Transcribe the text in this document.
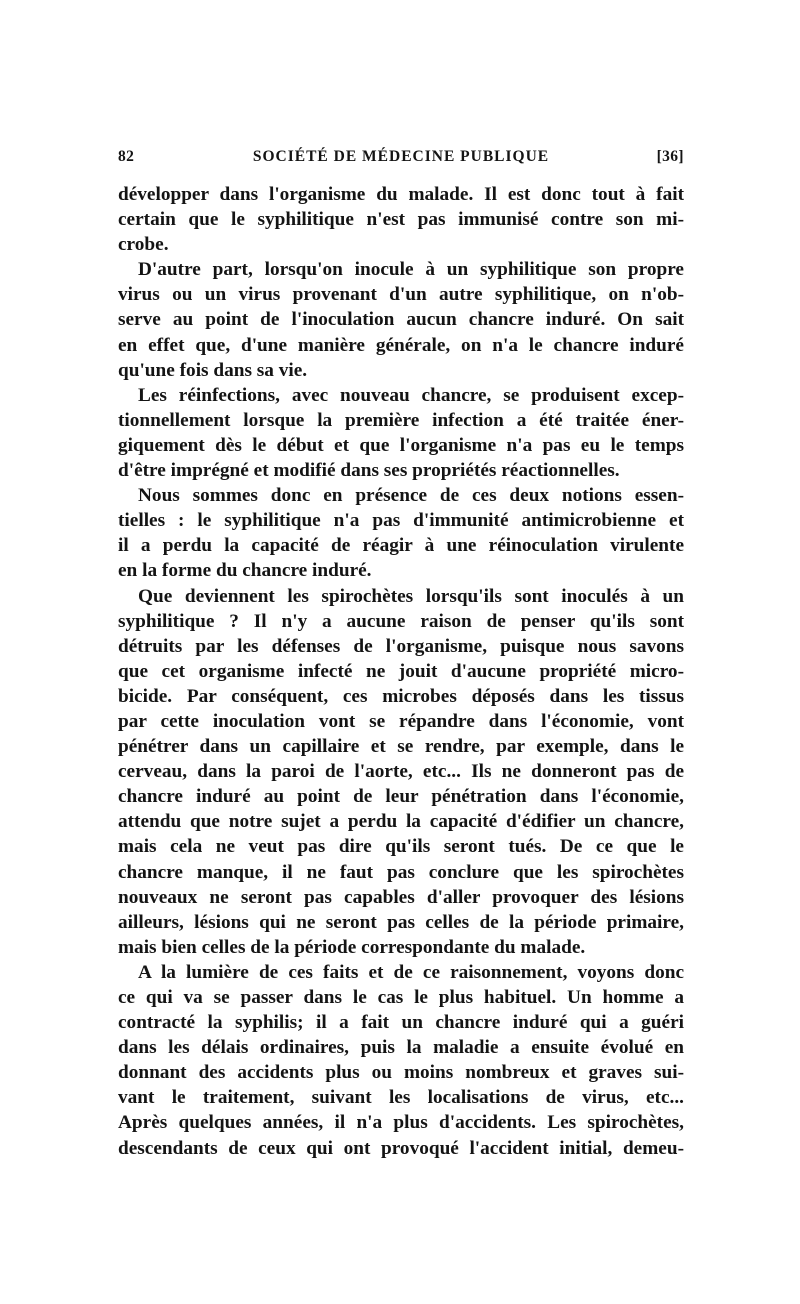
82	SOCIÉTÉ DE MÉDECINE PUBLIQUE	[36]
développer dans l'organisme du malade. Il est donc tout à fait
certain que le syphilitique n'est pas immunisé contre son mi-
crobe.
D'autre part, lorsqu'on inocule à un syphilitique son propre
virus ou un virus provenant d'un autre syphilitique, on n'ob-
serve au point de l'inoculation aucun chancre induré. On sait
en effet que, d'une manière générale, on n'a le chancre induré
qu'une fois dans sa vie.
Les réinfections, avec nouveau chancre, se produisent excep-
tionnellement lorsque la première infection a été traitée éner-
giquement dès le début et que l'organisme n'a pas eu le temps
d'être imprégné et modifié dans ses propriétés réactionnelles.
Nous sommes donc en présence de ces deux notions essen-
tielles : le syphilitique n'a pas d'immunité antimicrobienne et
il a perdu la capacité de réagir à une réinoculation virulente
en la forme du chancre induré.
Que deviennent les spirochètes lorsqu'ils sont inoculés à un
syphilitique ? Il n'y a aucune raison de penser qu'ils sont
détruits par les défenses de l'organisme, puisque nous savons
que cet organisme infecté ne jouit d'aucune propriété micro-
bicide. Par conséquent, ces microbes déposés dans les tissus
par cette inoculation vont se répandre dans l'économie, vont
pénétrer dans un capillaire et se rendre, par exemple, dans le
cerveau, dans la paroi de l'aorte, etc... Ils ne donneront pas de
chancre induré au point de leur pénétration dans l'économie,
attendu que notre sujet a perdu la capacité d'édifier un chancre,
mais cela ne veut pas dire qu'ils seront tués. De ce que le
chancre manque, il ne faut pas conclure que les spirochètes
nouveaux ne seront pas capables d'aller provoquer des lésions
ailleurs, lésions qui ne seront pas celles de la période primaire,
mais bien celles de la période correspondante du malade.
A la lumière de ces faits et de ce raisonnement, voyons donc
ce qui va se passer dans le cas le plus habituel. Un homme a
contracté la syphilis; il a fait un chancre induré qui a guéri
dans les délais ordinaires, puis la maladie a ensuite évolué en
donnant des accidents plus ou moins nombreux et graves sui-
vant le traitement, suivant les localisations de virus, etc...
Après quelques années, il n'a plus d'accidents. Les spirochètes,
descendants de ceux qui ont provoqué l'accident initial, demeu-
